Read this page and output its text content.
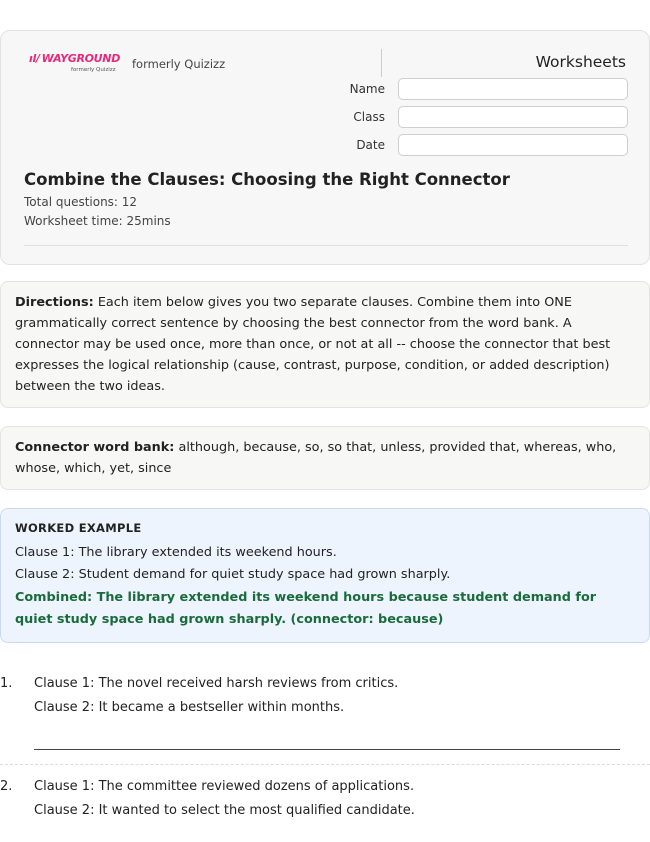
ıl/ WAYGROUND
formerly Quizizz formerly Quizizz	Worksheets
Name
Class
Date
Combine the Clauses: Choosing the Right Connector
Total questions: 12
Worksheet time: 25mins
Directions: Each item below gives you two separate clauses. Combine them into ONE grammatically correct sentence by choosing the best connector from the word bank. A connector may be used once, more than once, or not at all -- choose the connector that best expresses the logical relationship (cause, contrast, purpose, condition, or added description) between the two ideas.
Connector word bank: although, because, so, so that, unless, provided that, whereas, who, whose, which, yet, since
WORKED EXAMPLE
Clause 1: The library extended its weekend hours.
Clause 2: Student demand for quiet study space had grown sharply.
Combined: The library extended its weekend hours because student demand for quiet study space had grown sharply. (connector: because)
1. Clause 1: The novel received harsh reviews from critics.
Clause 2: It became a bestseller within months.
2. Clause 1: The committee reviewed dozens of applications.
Clause 2: It wanted to select the most qualified candidate.
